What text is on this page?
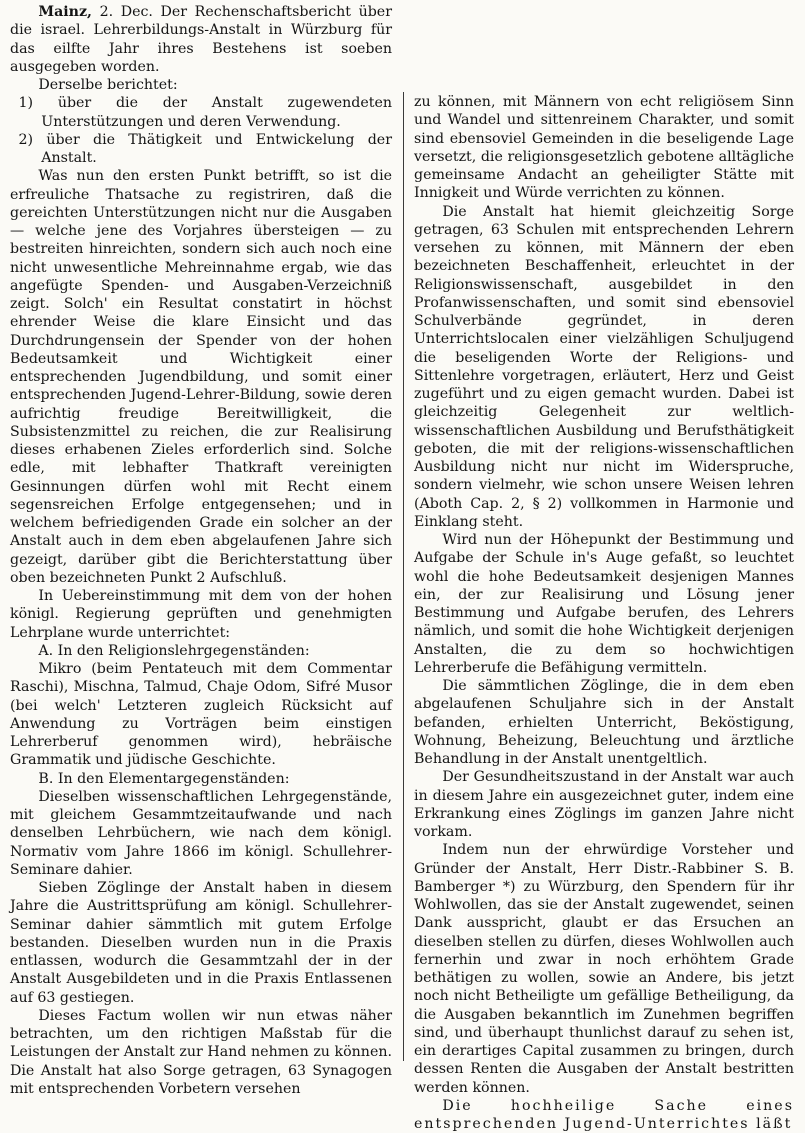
Mainz, 2. Dec. Der Rechenschaftsbericht über die israel. Lehrerbildungs-Anstalt in Würzburg für das eilfte Jahr ihres Bestehens ist soeben ausgegeben worden.

Derselbe berichtet:

1) über die der Anstalt zugewendeten Unterstützungen und deren Verwendung.

2) über die Thätigkeit und Entwickelung der Anstalt.

Was nun den ersten Punkt betrifft, so ist die erfreuliche Thatsache zu registriren, daß die gereichten Unterstützungen nicht nur die Ausgaben — welche jene des Vorjahres übersteigen — zu bestreiten hinreichten, sondern sich auch noch eine nicht unwesentliche Mehreinnahme ergab, wie das angefügte Spenden- und Ausgaben-Verzeichniß zeigt. Solch' ein Resultat constatirt in höchst ehrender Weise die klare Einsicht und das Durchdrungensein der Spender von der hohen Bedeutsamkeit und Wichtigkeit einer entsprechenden Jugendbildung, und somit einer entsprechenden Jugend-Lehrer-Bildung, sowie deren aufrichtig freudige Bereitwilligkeit, die Subsistenzmittel zu reichen, die zur Realisirung dieses erhabenen Zieles erforderlich sind. Solche edle, mit lebhafter Thatkraft vereinigten Gesinnungen dürfen wohl mit Recht einem segensreichen Erfolge entgegensehen; und in welchem befriedigenden Grade ein solcher an der Anstalt auch in dem eben abgelaufenen Jahre sich gezeigt, darüber gibt die Berichterstattung über oben bezeichneten Punkt 2 Aufschluß.

In Uebereinstimmung mit dem von der hohen königl. Regierung geprüften und genehmigten Lehrplane wurde unterrichtet:

A. In den Religionslehrgegenständen:

Mikro (beim Pentateuch mit dem Commentar Raschi), Mischna, Talmud, Chaje Odom, Sifré Musor (bei welch' Letzteren zugleich Rücksicht auf Anwendung zu Vorträgen beim einstigen Lehrerberuf genommen wird), hebräische Grammatik und jüdische Geschichte.

B. In den Elementargegenständen:

Dieselben wissenschaftlichen Lehrgegenstände, mit gleichem Gesammtzeitaufwande und nach denselben Lehrbüchern, wie nach dem königl. Normativ vom Jahre 1866 im königl. Schullehrer-Seminare dahier.

Sieben Zöglinge der Anstalt haben in diesem Jahre die Austrittsprüfung am königl. Schullehrer-Seminar dahier sämmtlich mit gutem Erfolge bestanden. Dieselben wurden nun in die Praxis entlassen, wodurch die Gesammtzahl der in der Anstalt Ausgebildeten und in die Praxis Entlassenen auf 63 gestiegen.

Dieses Factum wollen wir nun etwas näher betrachten, um den richtigen Maßstab für die Leistungen der Anstalt zur Hand nehmen zu können. Die Anstalt hat also Sorge getragen, 63 Synagogen mit entsprechenden Vorbetern versehen

zu können, mit Männern von echt religiösem Sinn und Wandel und sittenreinem Charakter, und somit sind ebensoviel Gemeinden in die beseligende Lage versetzt, die religionsgesetzlich gebotene alltägliche gemeinsame Andacht an geheiligter Stätte mit Innigkeit und Würde verrichten zu können.

Die Anstalt hat hiemit gleichzeitig Sorge getragen, 63 Schulen mit entsprechenden Lehrern versehen zu können, mit Männern der eben bezeichneten Beschaffenheit, erleuchtet in der Religionswissenschaft, ausgebildet in den Profanwissenschaften, und somit sind ebensoviel Schulverbände gegründet, in deren Unterrichtslocalen einer vielzähligen Schuljugend die beseligenden Worte der Religions- und Sittenlehre vorgetragen, erläutert, Herz und Geist zugeführt und zu eigen gemacht wurden. Dabei ist gleichzeitig Gelegenheit zur weltlich-wissenschaftlichen Ausbildung und Berufsthätigkeit geboten, die mit der religions-wissenschaftlichen Ausbildung nicht nur nicht im Widerspruche, sondern vielmehr, wie schon unsere Weisen lehren (Aboth Cap. 2, § 2) vollkommen in Harmonie und Einklang steht.

Wird nun der Höhepunkt der Bestimmung und Aufgabe der Schule in's Auge gefaßt, so leuchtet wohl die hohe Bedeutsamkeit desjenigen Mannes ein, der zur Realisirung und Lösung jener Bestimmung und Aufgabe berufen, des Lehrers nämlich, und somit die hohe Wichtigkeit derjenigen Anstalten, die zu dem so hochwichtigen Lehrerberufe die Befähigung vermitteln.

Die sämmtlichen Zöglinge, die in dem eben abgelaufenen Schuljahre sich in der Anstalt befanden, erhielten Unterricht, Beköstigung, Wohnung, Beheizung, Beleuchtung und ärztliche Behandlung in der Anstalt unentgeltlich.

Der Gesundheitszustand in der Anstalt war auch in diesem Jahre ein ausgezeichnet guter, indem eine Erkrankung eines Zöglings im ganzen Jahre nicht vorkam.

Indem nun der ehrwürdige Vorsteher und Gründer der Anstalt, Herr Distr.-Rabbiner S. B. Bamberger *) zu Würzburg, den Spendern für ihr Wohlwollen, das sie der Anstalt zugewendet, seinen Dank ausspricht, glaubt er das Ersuchen an dieselben stellen zu dürfen, dieses Wohlwollen auch fernerhin und zwar in noch erhöhtem Grade bethätigen zu wollen, sowie an Andere, bis jetzt noch nicht Betheiligte um gefällige Betheiligung, da die Ausgaben bekanntlich im Zunehmen begriffen sind, und überhaupt thunlichst darauf zu sehen ist, ein derartiges Capital zusammen zu bringen, durch dessen Renten die Ausgaben der Anstalt bestritten werden können.

Die hochheilige Sache eines entsprechenden Jugend-Unterrichtes läßt
